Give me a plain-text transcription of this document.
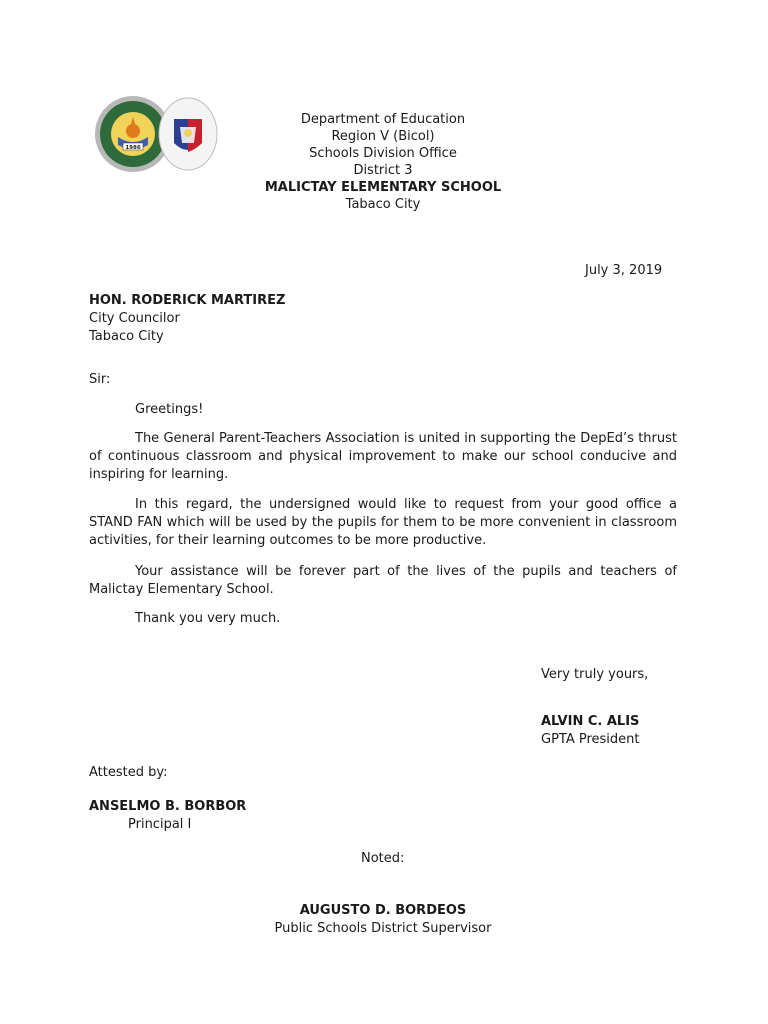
1986
Department of Education
Region V (Bicol)
Schools Division Office
District 3
MALICTAY ELEMENTARY SCHOOL
Tabaco City
July 3, 2019
HON. RODERICK MARTIREZ
City Councilor
Tabaco City
Sir:
Greetings!
The General Parent-Teachers Association is united in supporting the DepEd’s thrust of continuous classroom and physical improvement to make our school conducive and inspiring for learning.
In this regard, the undersigned would like to request from your good office a STAND FAN which will be used by the pupils for them to be more convenient in classroom activities, for their learning outcomes to be more productive.
Your assistance will be forever part of the lives of the pupils and teachers of Malictay Elementary School.
Thank you very much.
Very truly yours,
ALVIN C. ALIS
GPTA President
Attested by:
ANSELMO B. BORBOR
Principal I
Noted:
AUGUSTO D. BORDEOS
Public Schools District Supervisor
